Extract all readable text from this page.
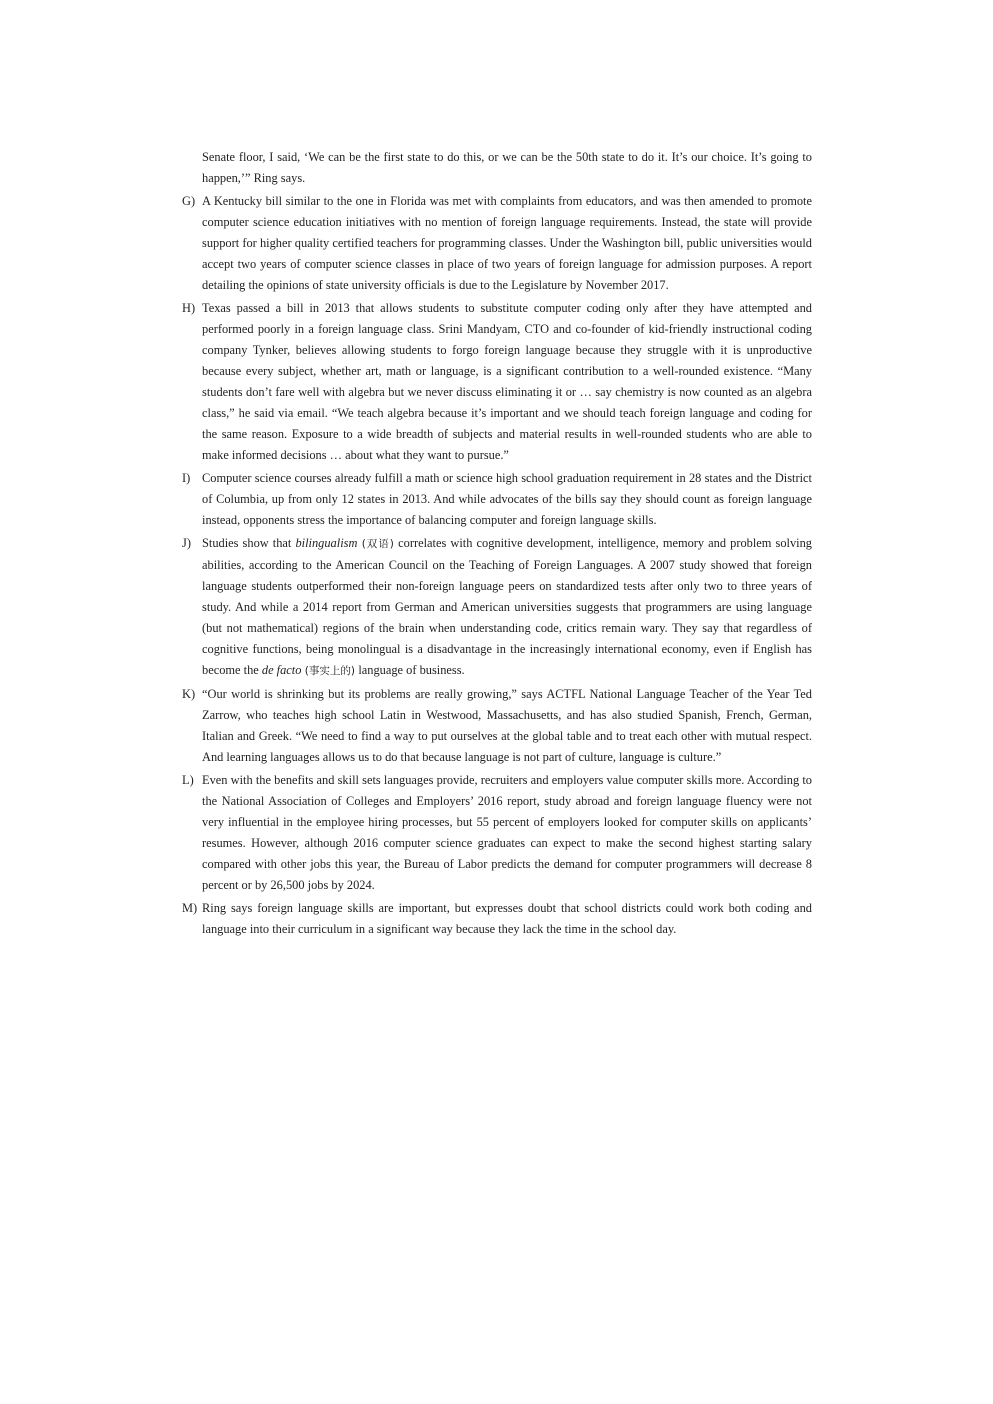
Senate floor, I said, ‘We can be the first state to do this, or we can be the 50th state to do it. It’s our choice. It’s going to happen,’” Ring says.

G) A Kentucky bill similar to the one in Florida was met with complaints from educators, and was then amended to promote computer science education initiatives with no mention of foreign language requirements. Instead, the state will provide support for higher quality certified teachers for programming classes. Under the Washington bill, public universities would accept two years of computer science classes in place of two years of foreign language for admission purposes. A report detailing the opinions of state university officials is due to the Legislature by November 2017.

H) Texas passed a bill in 2013 that allows students to substitute computer coding only after they have attempted and performed poorly in a foreign language class. Srini Mandyam, CTO and co-founder of kid-friendly instructional coding company Tynker, believes allowing students to forgo foreign language because they struggle with it is unproductive because every subject, whether art, math or language, is a significant contribution to a well-rounded existence. “Many students don’t fare well with algebra but we never discuss eliminating it or … say chemistry is now counted as an algebra class,” he said via email. “We teach algebra because it’s important and we should teach foreign language and coding for the same reason. Exposure to a wide breadth of subjects and material results in well-rounded students who are able to make informed decisions … about what they want to pursue.”

I) Computer science courses already fulfill a math or science high school graduation requirement in 28 states and the District of Columbia, up from only 12 states in 2013. And while advocates of the bills say they should count as foreign language instead, opponents stress the importance of balancing computer and foreign language skills.

J) Studies show that bilingualism (双语) correlates with cognitive development, intelligence, memory and problem solving abilities, according to the American Council on the Teaching of Foreign Languages. A 2007 study showed that foreign language students outperformed their non-foreign language peers on standardized tests after only two to three years of study. And while a 2014 report from German and American universities suggests that programmers are using language (but not mathematical) regions of the brain when understanding code, critics remain wary. They say that regardless of cognitive functions, being monolingual is a disadvantage in the increasingly international economy, even if English has become the de facto (事实上的) language of business.

K) “Our world is shrinking but its problems are really growing,” says ACTFL National Language Teacher of the Year Ted Zarrow, who teaches high school Latin in Westwood, Massachusetts, and has also studied Spanish, French, German, Italian and Greek. “We need to find a way to put ourselves at the global table and to treat each other with mutual respect. And learning languages allows us to do that because language is not part of culture, language is culture.”

L) Even with the benefits and skill sets languages provide, recruiters and employers value computer skills more. According to the National Association of Colleges and Employers’ 2016 report, study abroad and foreign language fluency were not very influential in the employee hiring processes, but 55 percent of employers looked for computer skills on applicants’ resumes. However, although 2016 computer science graduates can expect to make the second highest starting salary compared with other jobs this year, the Bureau of Labor predicts the demand for computer programmers will decrease 8 percent or by 26,500 jobs by 2024.

M) Ring says foreign language skills are important, but expresses doubt that school districts could work both coding and language into their curriculum in a significant way because they lack the time in the school day.
